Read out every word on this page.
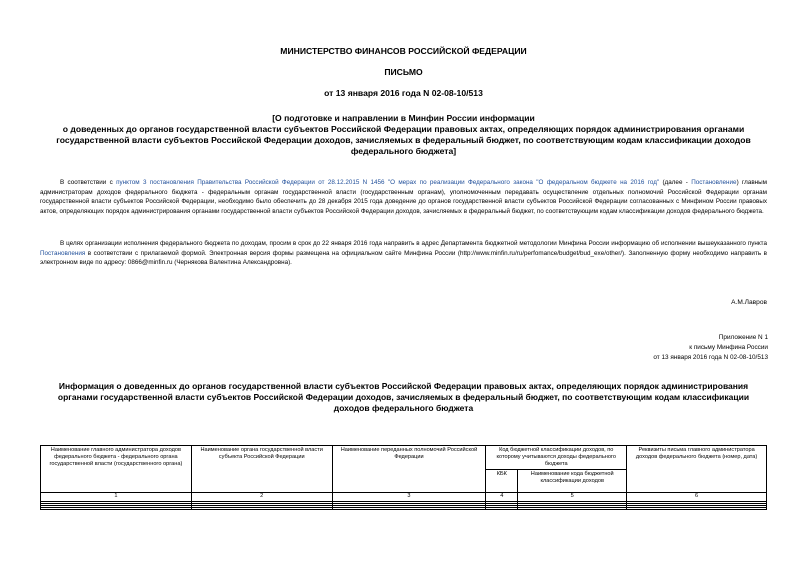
МИНИСТЕРСТВО ФИНАНСОВ РОССИЙСКОЙ ФЕДЕРАЦИИ
ПИСЬМО
от 13 января 2016 года N 02-08-10/513
[О подготовке и направлении в Минфин России информации
о доведенных до органов государственной власти субъектов Российской Федерации правовых актах, определяющих порядок администрирования органами
государственной власти субъектов Российской Федерации доходов, зачисляемых в федеральный бюджет, по соответствующим кодам классификации доходов
федерального бюджета]
В соответствии с пунктом 3 постановления Правительства Российской Федерации от 28.12.2015 N 1456 "О мерах по реализации Федерального закона "О федеральном бюджете на 2016 год" (далее - Постановление) главным администраторам доходов федерального бюджета - федеральным органам государственной власти (государственным органам), уполномоченным передавать осуществление отдельных полномочий Российской Федерации органам государственной власти субъектов Российской Федерации, необходимо было обеспечить до 28 декабря 2015 года доведение до органов государственной власти субъектов Российской Федерации согласованных с Минфином России правовых актов, определяющих порядок администрирования органами государственной власти субъектов Российской Федерации доходов, зачисляемых в федеральный бюджет, по соответствующим кодам классификации доходов федерального бюджета.
В целях организации исполнения федерального бюджета по доходам, просим в срок до 22 января 2016 года направить в адрес Департамента бюджетной методологии Минфина России информацию об исполнении вышеуказанного пункта Постановления в соответствии с прилагаемой формой. Электронная версия формы размещена на официальном сайте Минфина России (http://www.minfin.ru/ru/perfomance/budget/bud_exe/other/). Заполненную форму необходимо направить в электронном виде по адресу: 0866@minfin.ru (Чернякова Валентина Александровна).
А.М.Лавров
Приложение N 1
к письму Минфина России
от 13 января 2016 года N 02-08-10/513
Информация о доведенных до органов государственной власти субъектов Российской Федерации правовых актах, определяющих порядок администрирования
органами государственной власти субъектов Российской Федерации доходов, зачисляемых в федеральный бюджет, по соответствующим кодам классификации
доходов федерального бюджета
Наименование главного администратора доходов федерального бюджета - федерального органа государственной власти (государственного органа)	Наименование органа государственной власти субъекта Российской Федерации	Наименование переданных полномочий Российской Федерации	Код бюджетной классификации доходов, по которому учитываются доходы федерального бюджета		Реквизиты письма главного администратора доходов федерального бюджета (номер, дата)
			КБК	Наименование кода бюджетной классификации доходов	
1	2	3	4	5	6
